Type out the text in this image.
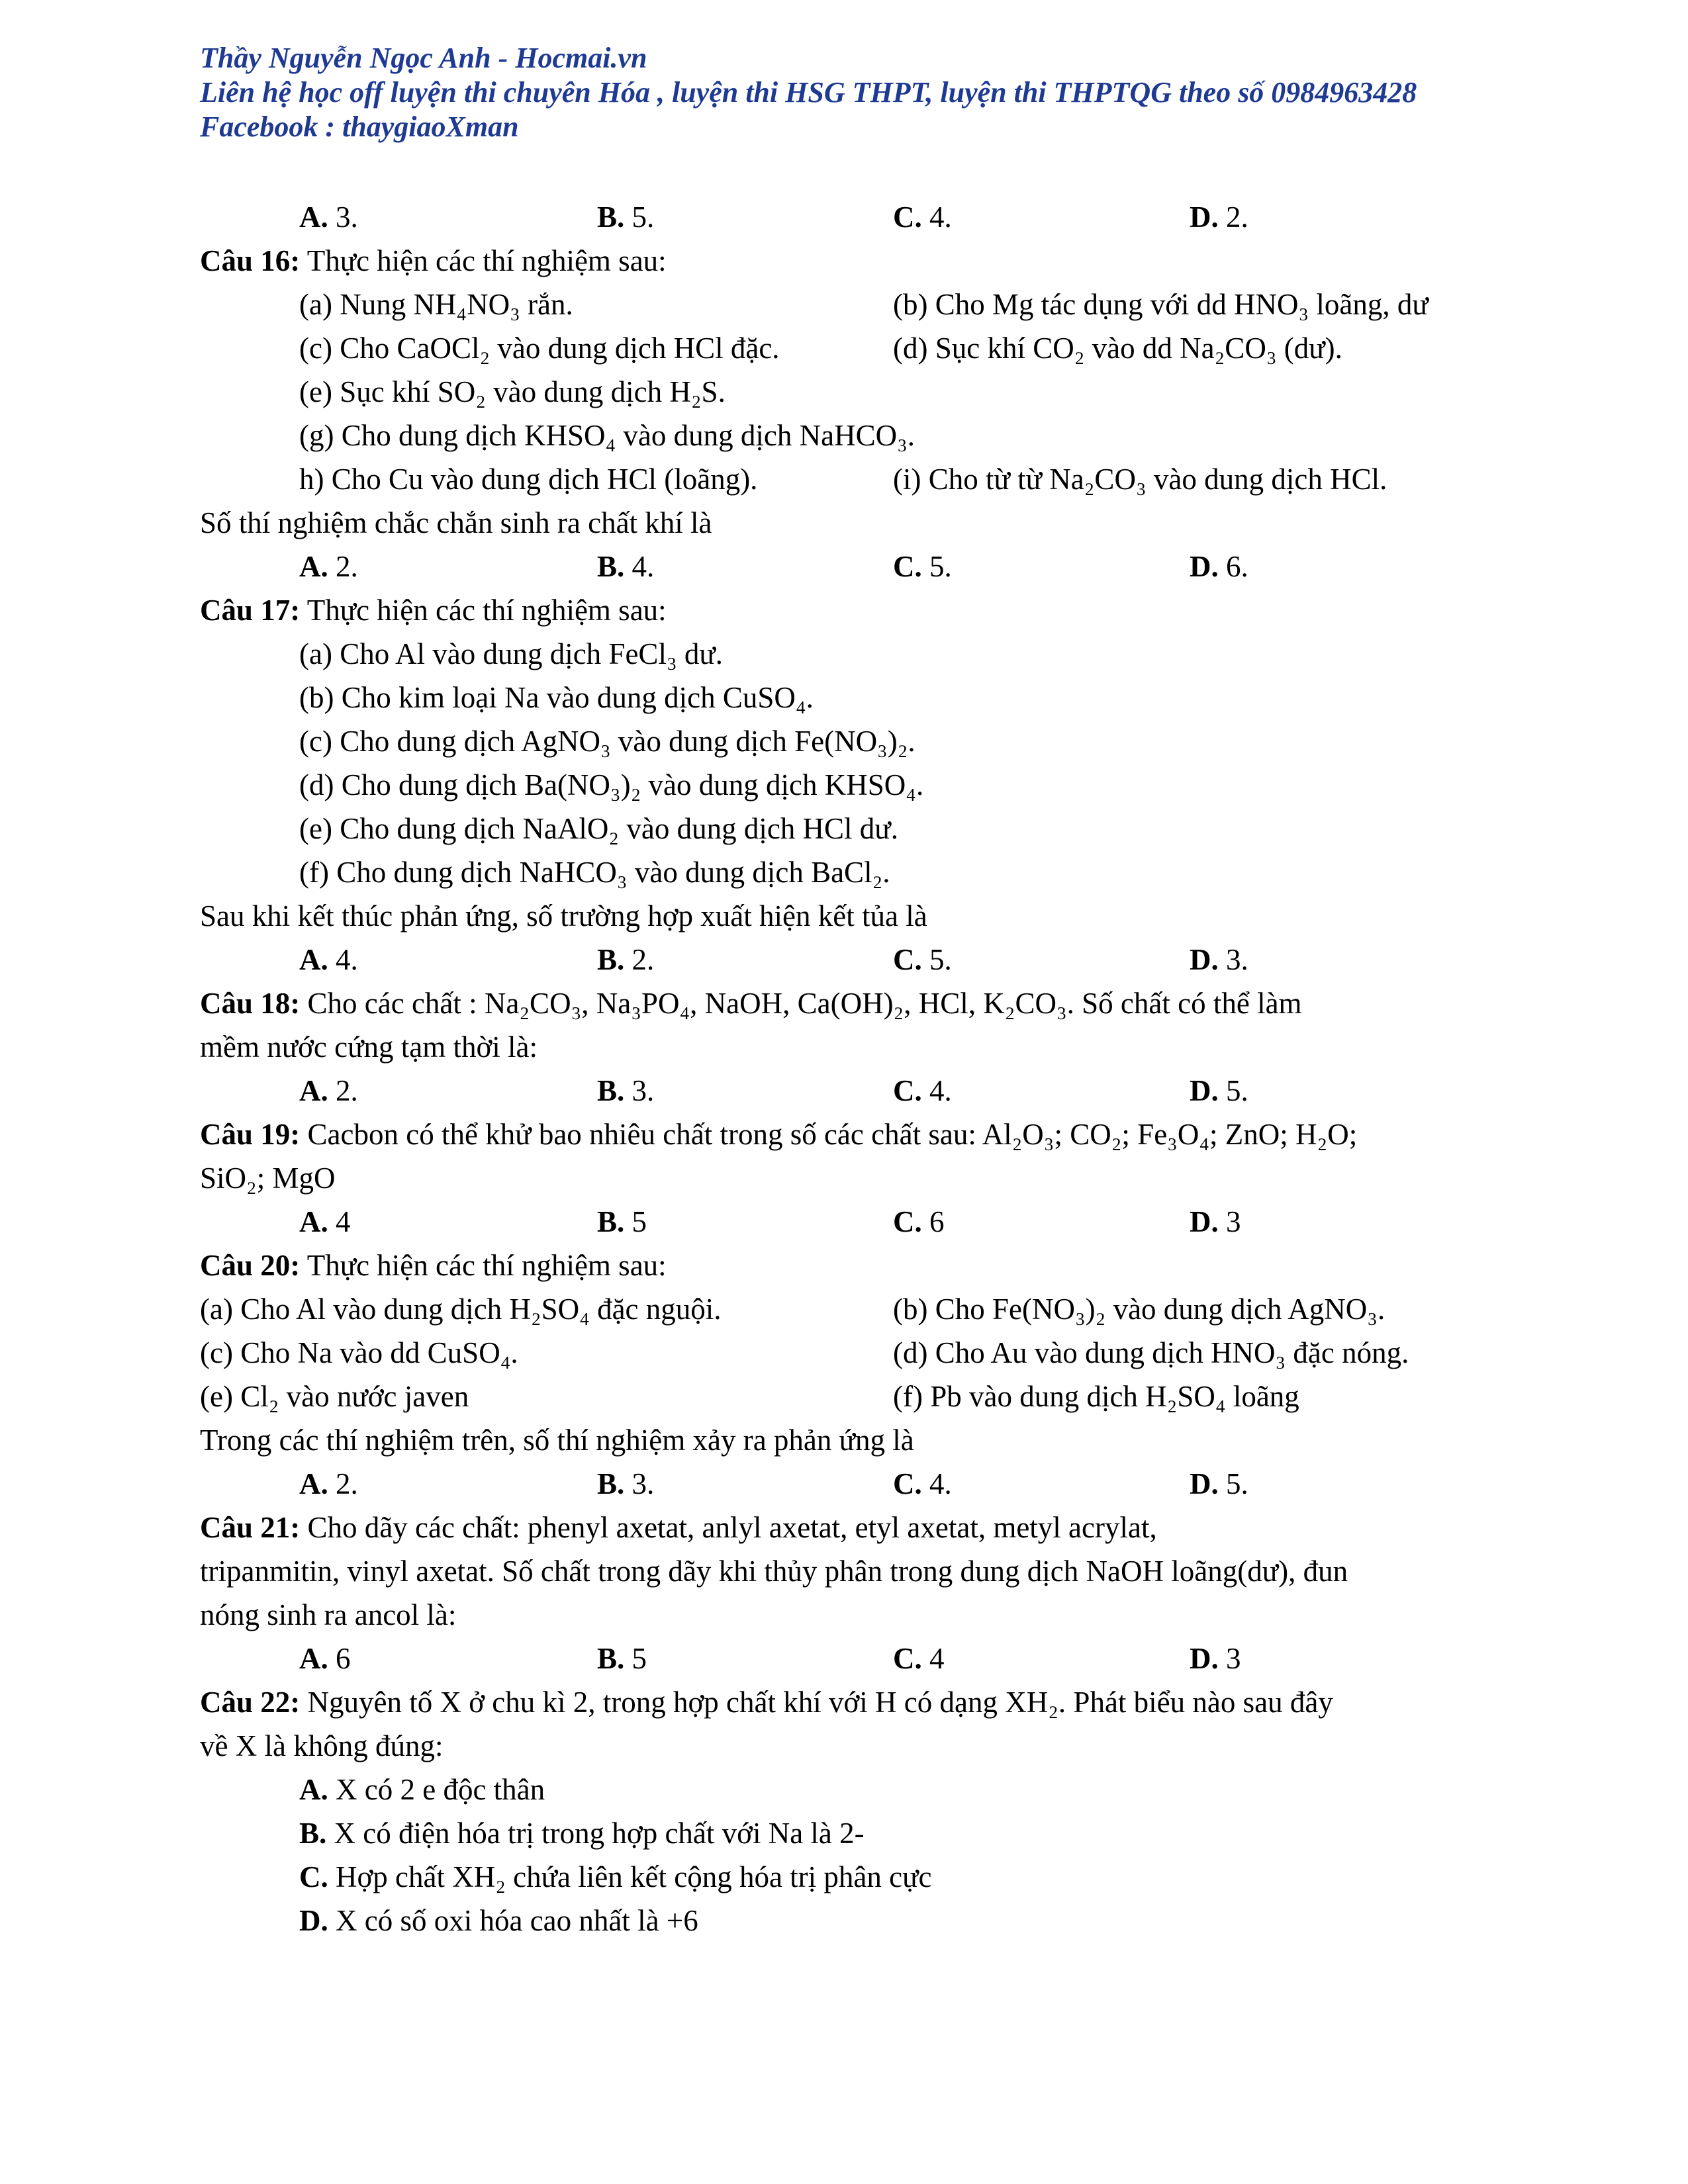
Thầy Nguyễn Ngọc Anh - Hocmai.vn
Liên hệ học off luyện thi chuyên Hóa , luyện thi HSG THPT, luyện thi THPTQG theo số 0984963428
Facebook : thaygiaoXman
A. 3.	B. 5.	C. 4.	D. 2.
Câu 16: Thực hiện các thí nghiệm sau:
(a) Nung NH₄NO₃ rắn.	(b) Cho Mg tác dụng với dd HNO₃ loãng, dư
(c) Cho CaOCl₂ vào dung dịch HCl đặc.	(d) Sục khí CO₂ vào dd Na₂CO₃ (dư).
(e) Sục khí SO₂ vào dung dịch H₂S.
(g) Cho dung dịch KHSO₄ vào dung dịch NaHCO₃.
h) Cho Cu vào dung dịch HCl (loãng).	(i) Cho từ từ Na₂CO₃ vào dung dịch HCl.
Số thí nghiệm chắc chắn sinh ra chất khí là
A. 2.	B. 4.	C. 5.	D. 6.
Câu 17: Thực hiện các thí nghiệm sau:
(a) Cho Al vào dung dịch FeCl₃ dư.
(b) Cho kim loại Na vào dung dịch CuSO₄.
(c) Cho dung dịch AgNO₃ vào dung dịch Fe(NO₃)₂.
(d) Cho dung dịch Ba(NO₃)₂ vào dung dịch KHSO₄.
(e) Cho dung dịch NaAlO₂ vào dung dịch HCl dư.
(f) Cho dung dịch NaHCO₃ vào dung dịch BaCl₂.
Sau khi kết thúc phản ứng, số trường hợp xuất hiện kết tủa là
A. 4.	B. 2.	C. 5.	D. 3.
Câu 18: Cho các chất : Na₂CO₃, Na₃PO₄, NaOH, Ca(OH)₂, HCl, K₂CO₃. Số chất có thể làm
mềm nước cứng tạm thời là:
A. 2.	B. 3.	C. 4.	D. 5.
Câu 19: Cacbon có thể khử bao nhiêu chất trong số các chất sau: Al₂O₃; CO₂; Fe₃O₄; ZnO; H₂O;
SiO₂; MgO
A. 4	B. 5	C. 6	D. 3
Câu 20: Thực hiện các thí nghiệm sau:
(a) Cho Al vào dung dịch H₂SO₄ đặc nguội.	(b) Cho Fe(NO₃)₂ vào dung dịch AgNO₃.
(c) Cho Na vào dd CuSO₄.	(d) Cho Au vào dung dịch HNO₃ đặc nóng.
(e) Cl₂ vào nước javen	(f) Pb vào dung dịch H₂SO₄ loãng
Trong các thí nghiệm trên, số thí nghiệm xảy ra phản ứng là
A. 2.	B. 3.	C. 4.	D. 5.
Câu 21: Cho dãy các chất: phenyl axetat, anlyl axetat, etyl axetat, metyl acrylat,
tripanmitin, vinyl axetat. Số chất trong dãy khi thủy phân trong dung dịch NaOH loãng(dư), đun
nóng sinh ra ancol là:
A. 6	B. 5	C. 4	D. 3
Câu 22: Nguyên tố X ở chu kì 2, trong hợp chất khí với H có dạng XH₂. Phát biểu nào sau đây
về X là không đúng:
A. X có 2 e độc thân
B. X có điện hóa trị trong hợp chất với Na là 2-
C. Hợp chất XH₂ chứa liên kết cộng hóa trị phân cực
D. X có số oxi hóa cao nhất là +6
